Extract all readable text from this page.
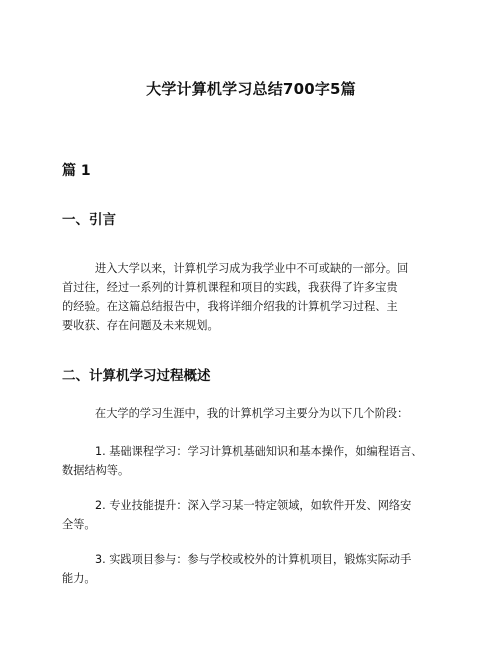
大学计算机学习总结700字5篇
篇 1
一、引言

进入大学以来，计算机学习成为我学业中不可或缺的一部分。回
首过往，经过一系列的计算机课程和项目的实践，我获得了许多宝贵
的经验。在这篇总结报告中，我将详细介绍我的计算机学习过程、主
要收获、存在问题及未来规划。

二、计算机学习过程概述

在大学的学习生涯中，我的计算机学习主要分为以下几个阶段：

1. 基础课程学习：学习计算机基础知识和基本操作，如编程语言、
数据结构等。

2. 专业技能提升：深入学习某一特定领域，如软件开发、网络安
全等。

3. 实践项目参与：参与学校或校外的计算机项目，锻炼实际动手
能力。
